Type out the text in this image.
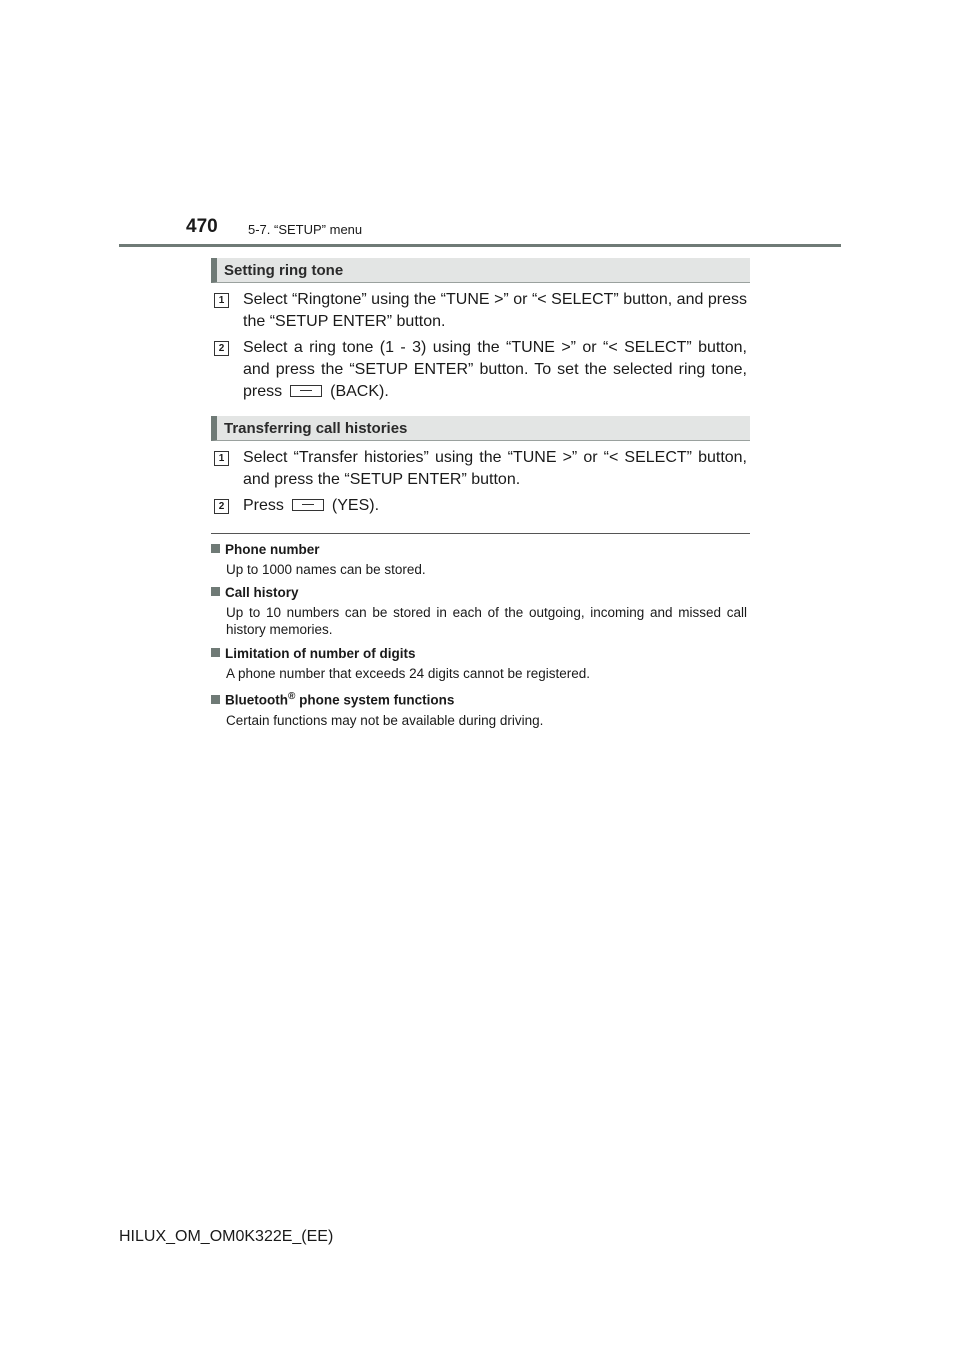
470 5-7. “SETUP” menu
Setting ring tone
1 Select “Ringtone” using the “TUNE >” or “< SELECT” button, and press the “SETUP ENTER” button.
2 Select a ring tone (1 - 3) using the “TUNE >” or “< SELECT” button, and press the “SETUP ENTER” button. To set the selected ring tone, press	(BACK).
Transferring call histories
1 Select “Transfer histories” using the “TUNE >” or “< SELECT” button, and press the “SETUP ENTER” button.
2 Press	(YES).
Phone number
Up to 1000 names can be stored.
Call history
Up to 10 numbers can be stored in each of the outgoing, incoming and missed call history memories.
Limitation of number of digits
A phone number that exceeds 24 digits cannot be registered.
Bluetooth® phone system functions
Certain functions may not be available during driving.
HILUX_OM_OM0K322E_(EE)
